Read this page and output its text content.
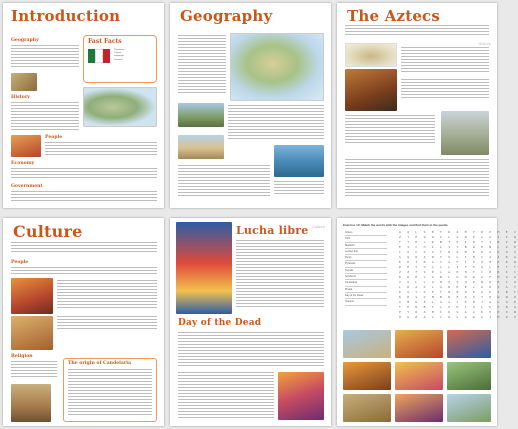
Introduction
Geography	Fast Facts
Population
Capital
Language
Currency
History
People
Economy
Government
Geography	The Aztecs
History
Culture
People
Religion
The origin of Candelaria
Lucha libre Culture
Day of the Dead
Exercise 10: Match the words with the images and find them in the puzzle
Aztecs
Chili
Mariachi
Lucha Libre
Tacos
Pyramids
Tequila
Sombrero
Candelaria
Pinata
Day of the Dead
Volcano
A Q L S E T R A M Y R P M E C
Z T E Q U I L A N P A A I X Q
T T E L K B T P I R T I N V W
E I C H I L I Y B R E N L Z E
C A C O S T R A M E D A O O X
S Q R A R T O L I H C A I R A
E P I N A T A F T S O M E R R
R E Y O L C L I F U G L E Y T
Z Z T S P L A H H T C B R I C
K D E C A B L O M W A F M U A
V O L C A N O X Q P N D E C U
L R A O L A N D E L A R I A Y
D A Y O F T H E D E A D X B T
K R S O M B R E R O T E W N U
A M U E L G A C K R J G L U E
T E R B I L A H C U L D O N U
P Y R A M I D S A A K E P O N
H U H A C C E L A R A J M D O
